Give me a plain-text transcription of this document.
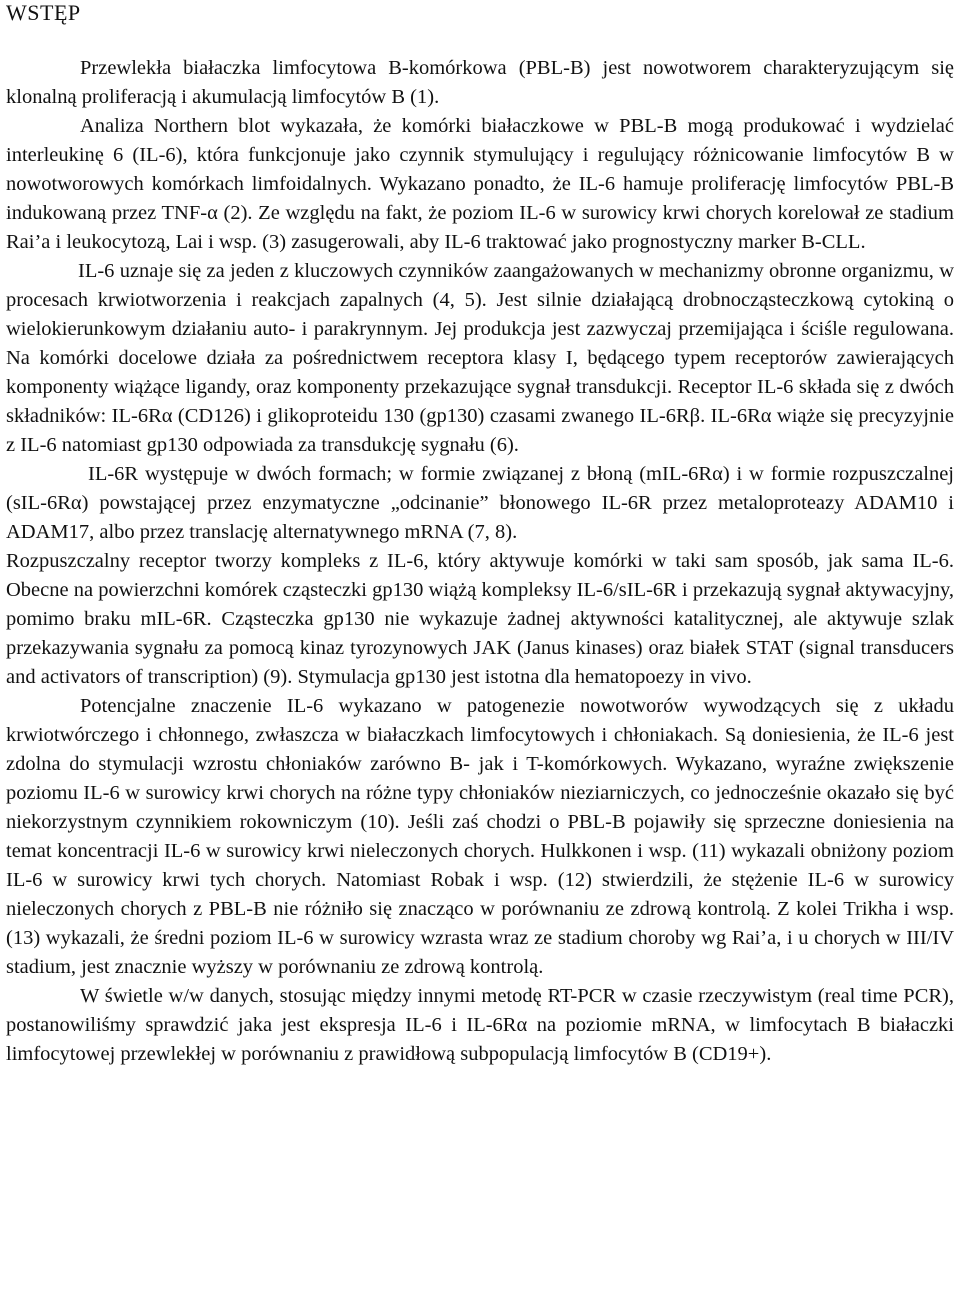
WSTĘP

Przewlekła białaczka limfocytowa B-komórkowa (PBL-B) jest nowotworem charakteryzującym się klonalną proliferacją i akumulacją limfocytów B (1).

Analiza Northern blot wykazała, że komórki białaczkowe w PBL-B mogą produkować i wydzielać interleukinę 6 (IL-6), która funkcjonuje jako czynnik stymulujący i regulujący różnicowanie limfocytów B w nowotworowych komórkach limfoidalnych. Wykazano ponadto, że IL-6 hamuje proliferację limfocytów PBL-B indukowaną przez TNF-α (2). Ze względu na fakt, że poziom IL-6 w surowicy krwi chorych korelował ze stadium Rai’a i leukocytozą, Lai i wsp. (3) zasugerowali, aby IL-6 traktować jako prognostyczny marker B-CLL.

IL-6 uznaje się za jeden z kluczowych czynników zaangażowanych w mechanizmy obronne organizmu, w procesach krwiotworzenia i reakcjach zapalnych (4, 5). Jest silnie działającą drobnocząsteczkową cytokiną o wielokierunkowym działaniu auto- i parakrynnym. Jej produkcja jest zazwyczaj przemijająca i ściśle regulowana. Na komórki docelowe działa za pośrednictwem receptora klasy I, będącego typem receptorów zawierających komponenty wiążące ligandy, oraz komponenty przekazujące sygnał transdukcji. Receptor IL-6 składa się z dwóch składników: IL-6Rα (CD126) i glikoproteidu 130 (gp130) czasami zwanego IL-6Rβ. IL-6Rα wiąże się precyzyjnie z IL-6 natomiast gp130 odpowiada za transdukcję sygnału (6).

IL-6R występuje w dwóch formach; w formie związanej z błoną (mIL-6Rα) i w formie rozpuszczalnej (sIL-6Rα) powstającej przez enzymatyczne „odcinanie” błonowego IL-6R przez metaloproteazy ADAM10 i ADAM17, albo przez translację alternatywnego mRNA (7, 8).

Rozpuszczalny receptor tworzy kompleks z IL-6, który aktywuje komórki w taki sam sposób, jak sama IL-6. Obecne na powierzchni komórek cząsteczki gp130 wiążą kompleksy IL-6/sIL-6R i przekazują sygnał aktywacyjny, pomimo braku mIL-6R. Cząsteczka gp130 nie wykazuje żadnej aktywności katalitycznej, ale aktywuje szlak przekazywania sygnału za pomocą kinaz tyrozynowych JAK (Janus kinases) oraz białek STAT (signal transducers and activators of transcription) (9). Stymulacja gp130 jest istotna dla hematopoezy in vivo.

Potencjalne znaczenie IL-6 wykazano w patogenezie nowotworów wywodzących się z układu krwiotwórczego i chłonnego, zwłaszcza w białaczkach limfocytowych i chłoniakach. Są doniesienia, że IL-6 jest zdolna do stymulacji wzrostu chłoniaków zarówno B- jak i T-komórkowych. Wykazano, wyraźne zwiększenie poziomu IL-6 w surowicy krwi chorych na różne typy chłoniaków nieziarniczych, co jednocześnie okazało się być niekorzystnym czynnikiem rokowniczym (10). Jeśli zaś chodzi o PBL-B pojawiły się sprzeczne doniesienia na temat koncentracji IL-6 w surowicy krwi nieleczonych chorych. Hulkkonen i wsp. (11) wykazali obniżony poziom IL-6 w surowicy krwi tych chorych. Natomiast Robak i wsp. (12) stwierdzili, że stężenie IL-6 w surowicy nieleczonych chorych z PBL-B nie różniło się znacząco w porównaniu ze zdrową kontrolą. Z kolei Trikha i wsp. (13) wykazali, że średni poziom IL-6 w surowicy wzrasta wraz ze stadium choroby wg Rai’a, i u chorych w III/IV stadium, jest znacznie wyższy w porównaniu ze zdrową kontrolą.

W świetle w/w danych, stosując między innymi metodę RT-PCR w czasie rzeczywistym (real time PCR), postanowiliśmy sprawdzić jaka jest ekspresja IL-6 i IL-6Rα na poziomie mRNA, w limfocytach B białaczki limfocytowej przewlekłej w porównaniu z prawidłową subpopulacją limfocytów B (CD19+).
